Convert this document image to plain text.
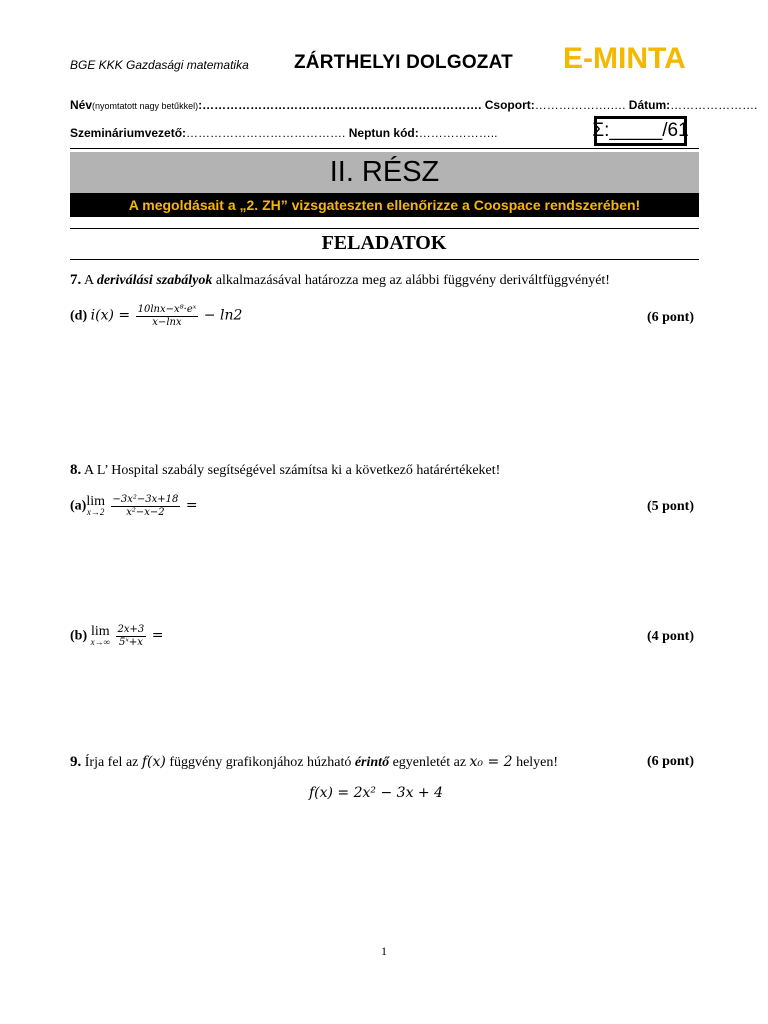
BGE KKK Gazdasági matematika ZÁRTHELYI DOLGOZAT E-MINTA
Név(nyomtatott nagy betűkkel):……………………………………………………………. Csoport:……………….…. Dátum:………………….
Szemináriumvezető:…………………………………. Neptun kód:………………..	Σ:_____/61
II. RÉSZ
A megoldásait a „2. ZH” vizsgateszten ellenőrizze a Coospace rendszerében!
FELADATOK
7. A deriválási szabályok alkalmazásával határozza meg az alábbi függvény deriváltfüggvényét!
(d) $i(x) = \frac{\text{10lnx−x⁸·eˣ}}{x-\ln x} - \ln 2$	(6 pont)
8. A L’ Hospital szabály segítségével számítsa ki a következő határértékeket!
(a) lim
x→2
$\frac{\text{−3x²−3x+18}}{\text{x²−x−2}}$ =	(5 pont)
(b) lim
x→∞
$\frac{2x+3}{\text{5ˣ+x}}$ =	(4 pont)
9. Írja fel az f(x) függvény grafikonjához húzható érintő egyenletét az x₀ = 2 helyen!	(6 pont)
f(x) = 2x² − 3x + 4
1
